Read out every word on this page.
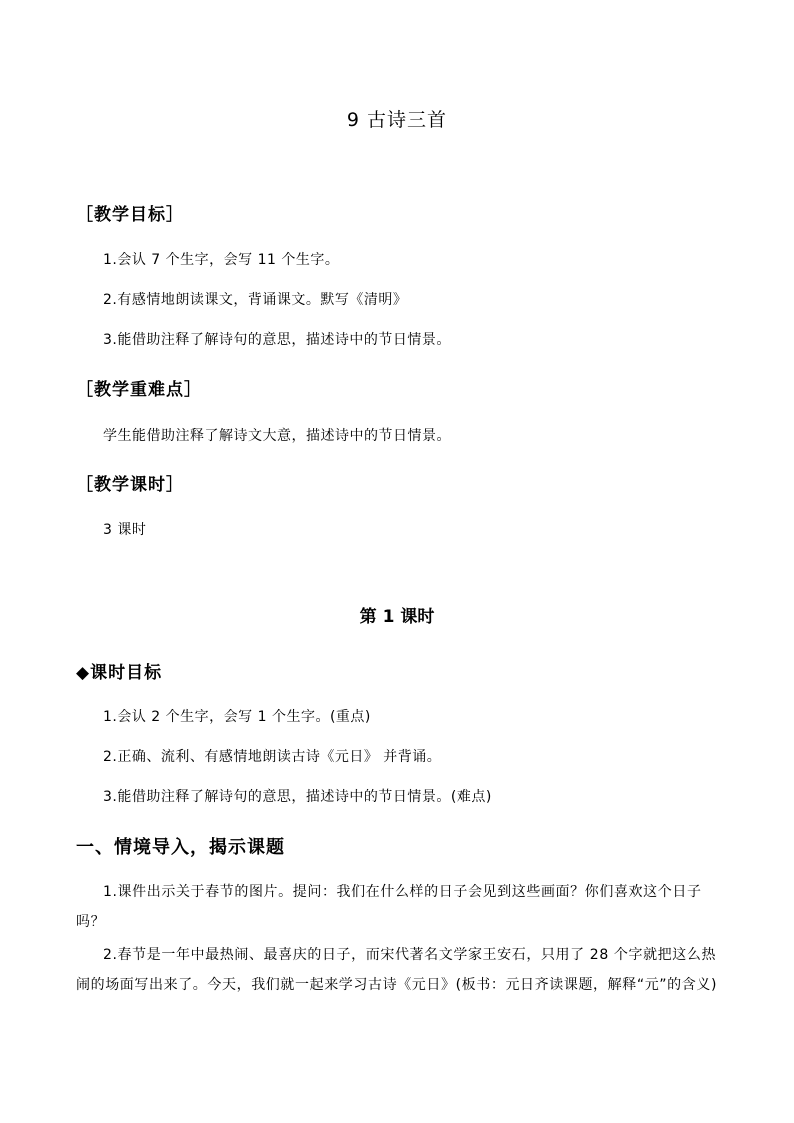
9 古诗三首
［教学目标］
1.会认 7 个生字，会写 11 个生字。
2.有感情地朗读课文，背诵课文。默写《清明》
3.能借助注释了解诗句的意思，描述诗中的节日情景。
［教学重难点］
学生能借助注释了解诗文大意，描述诗中的节日情景。
［教学课时］
3 课时
第 1 课时
◆课时目标
1.会认 2 个生字，会写 1 个生字。(重点)
2.正确、流利、有感情地朗读古诗《元日》 并背诵。
3.能借助注释了解诗句的意思，描述诗中的节日情景。(难点)
一、情境导入，揭示课题
1.课件出示关于春节的图片。提问：我们在什么样的日子会见到这些画面？你们喜欢这个日子吗？
2.春节是一年中最热闹、最喜庆的日子，而宋代著名文学家王安石，只用了 28 个字就把这么热闹的场面写出来了。今天，我们就一起来学习古诗《元日》(板书：元日齐读课题，解释“元”的含义)
